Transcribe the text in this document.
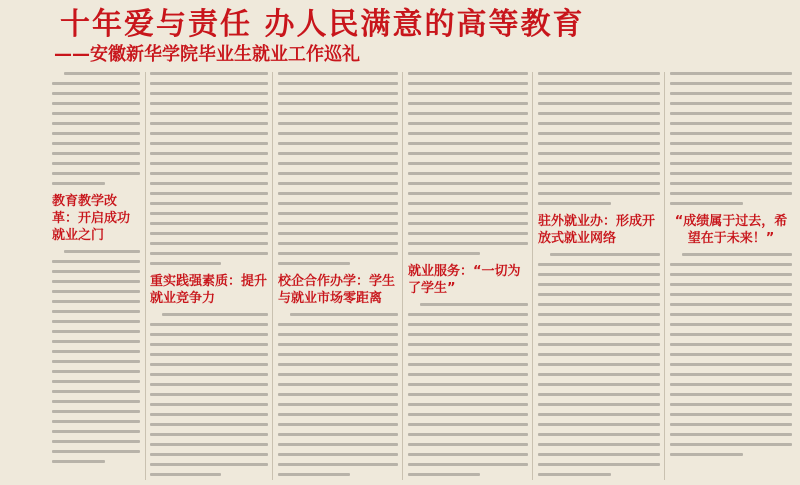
十年爱与责任 办人民满意的高等教育
——安徽新华学院毕业生就业工作巡礼
教育教学改革：开启成功就业之门
重实践强素质：提升就业竞争力
校企合作办学：学生与就业市场零距离
就业服务：“一切为了学生”
驻外就业办：形成开放式就业网络
“成绩属于过去，希望在于未来！”
